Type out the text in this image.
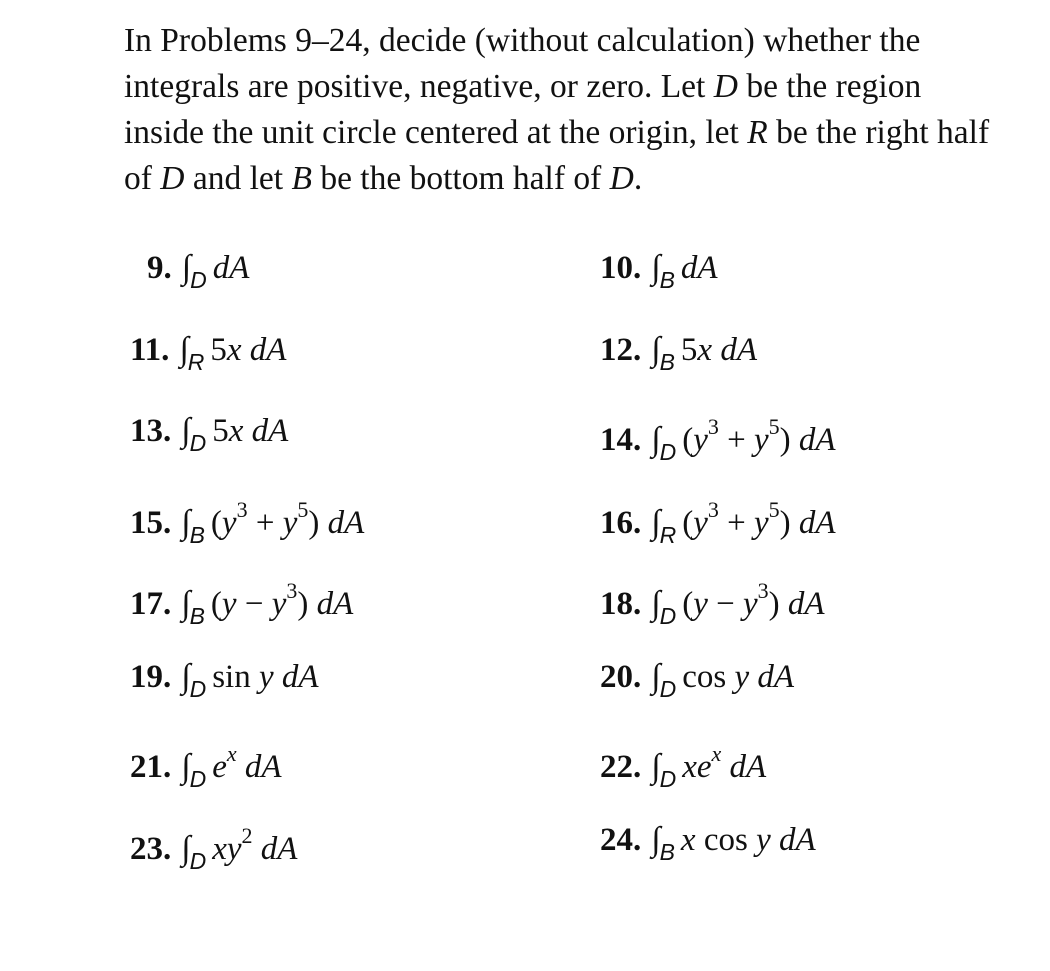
In Problems 9–24, decide (without calculation) whether the integrals are positive, negative, or zero. Let D be the region inside the unit circle centered at the origin, let R be the right half of D and let B be the bottom half of D.

9. $\int_D$ dA	10. $\int_B$ dA
11. $\int_R$ 5x dA	12. $\int_B$ 5x dA
13. $\int_D$ 5x dA	14. $\int_D$ $(y^3 + y^5)$ dA
15. $\int_B$ $(y^3 + y^5)$ dA	16. $\int_R$ $(y^3 + y^5)$ dA
17. $\int_B$ $(y - y^3)$ dA	18. $\int_D$ $(y - y^3)$ dA
19. $\int_D$ sin y dA	20. $\int_D$ cos y dA
21. $\int_D$ $e^x$ dA	22. $\int_D$ $xe^x$ dA
23. $\int_D$ $xy^2$ dA	24. $\int_B$ x cos y dA
